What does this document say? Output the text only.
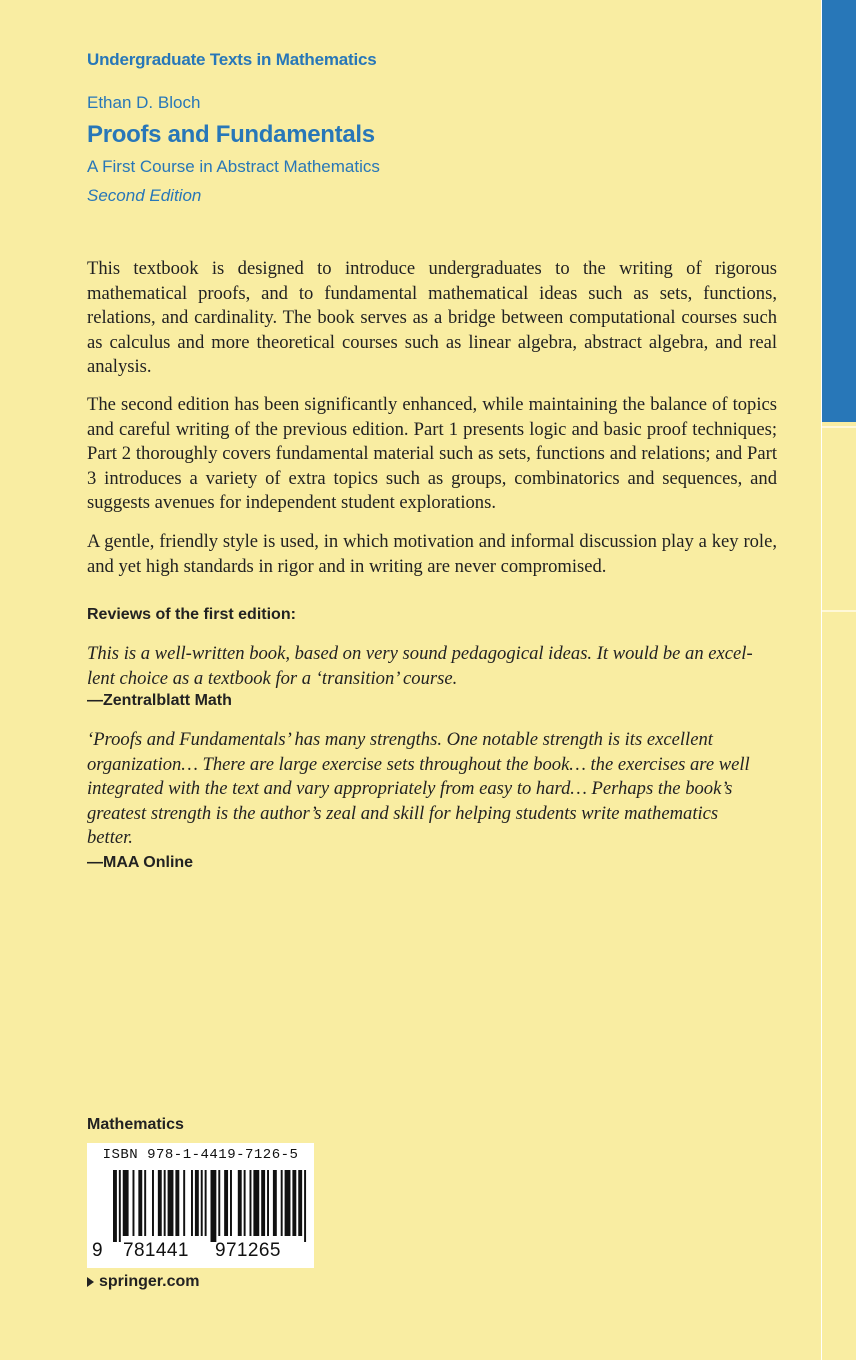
Undergraduate Texts in Mathematics
Ethan D. Bloch
Proofs and Fundamentals
A First Course in Abstract Mathematics
Second Edition

This textbook is designed to introduce undergraduates to the writing of rigorous mathematical proofs, and to fundamental mathematical ideas such as sets, functions, relations, and cardinality. The book serves as a bridge between computational courses such as calculus and more theoretical courses such as linear algebra, abstract algebra, and real analysis.

The second edition has been significantly enhanced, while maintaining the balance of topics and careful writing of the previous edition. Part 1 presents logic and basic proof techniques; Part 2 thoroughly covers fundamental material such as sets, functions and relations; and Part 3 introduces a variety of extra topics such as groups, combinatorics and sequences, and suggests avenues for independent student explorations.

A gentle, friendly style is used, in which motivation and informal discussion play a key role, and yet high standards in rigor and in writing are never compromised.

Reviews of the first edition:

This is a well-written book, based on very sound pedagogical ideas. It would be an excel-lent choice as a textbook for a ‘transition’ course.

—Zentralblatt Math

‘Proofs and Fundamentals’ has many strengths. One notable strength is its excellent organization… There are large exercise sets throughout the book… the exercises are well integrated with the text and vary appropriately from easy to hard… Perhaps the book’s greatest strength is the author’s zeal and skill for helping students write mathematics better.

—MAA Online
Mathematics
ISBN 978-1-4419-7126-5
9 781441 971265
springer.com
